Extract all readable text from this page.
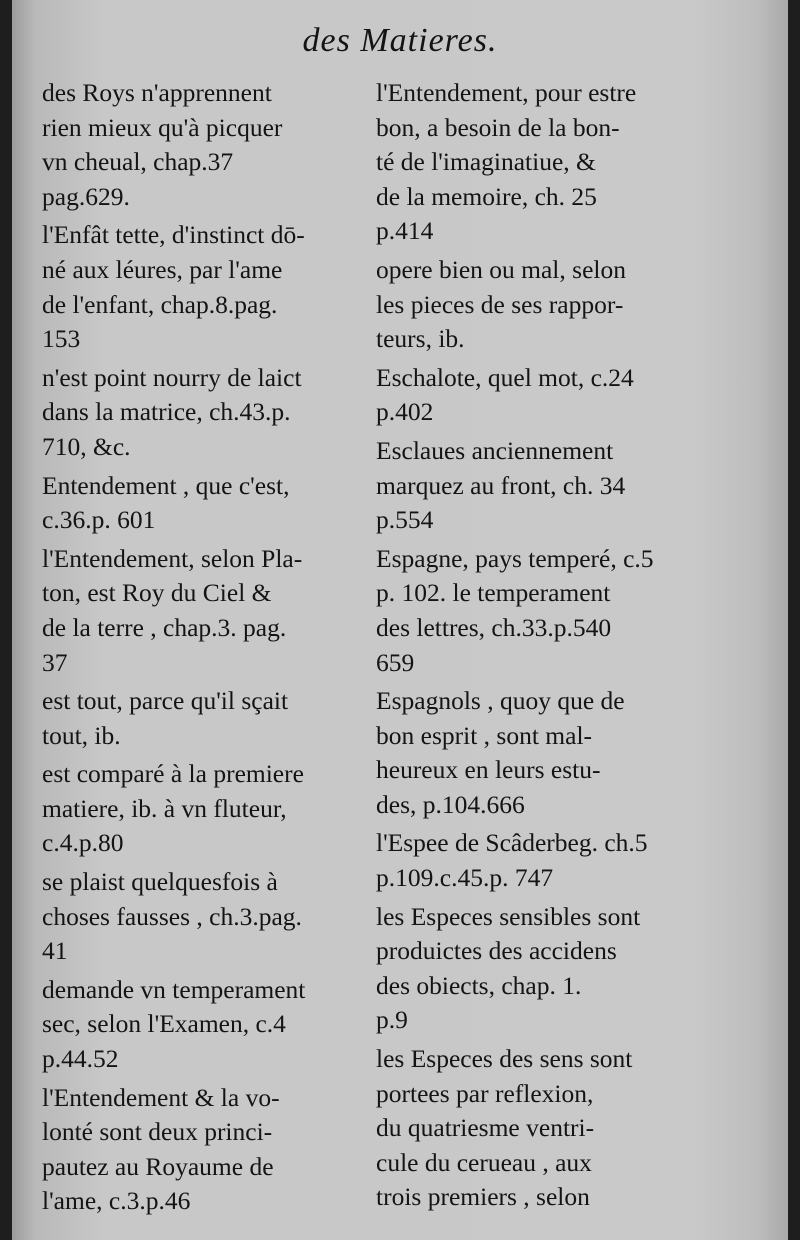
des Matieres.
des Roys n'apprennent
rien mieux qu'à picquer
vn cheual, chap.37
pag.629.
l'Enfât tette, d'instinct dō-
né aux léures, par l'ame
de l'enfant, chap.8.pag.
153
n'est point nourry de laict
dans la matrice, ch.43.p.
710, &c.
Entendement , que c'est,
c.36.p. 601
l'Entendement, selon Pla-
ton, est Roy du Ciel &
de la terre , chap.3. pag.
37
est tout, parce qu'il sçait
tout, ib.
est comparé à la premiere
matiere, ib. à vn fluteur,
c.4.p.80
se plaist quelquesfois à
choses fausses , ch.3.pag.
41
demande vn temperament
sec, selon l'Examen, c.4
p.44.52
l'Entendement & la vo-
lonté sont deux princi-
pautez au Royaume de
l'ame, c.3.p.46
l'Entendement, pour estre
bon, a besoin de la bon-
té de l'imaginatiue, &
de la memoire, ch. 25
p.414
opere bien ou mal, selon
les pieces de ses rappor-
teurs, ib.
Eschalote, quel mot, c.24
p.402
Esclaues anciennement
marquez au front, ch. 34
p.554
Espagne, pays temperé, c.5
p. 102. le temperament
des lettres, ch.33.p.540
659
Espagnols , quoy que de
bon esprit , sont mal-
heureux en leurs estu-
des, p.104.666
l'Espee de Scâderbeg. ch.5
p.109.c.45.p. 747
les Especes sensibles sont
produictes des accidens
des obiects, chap. 1.
p.9
les Especes des sens sont
portees par reflexion,
du quatriesme ventri-
cule du cerueau , aux
trois premiers , selon
